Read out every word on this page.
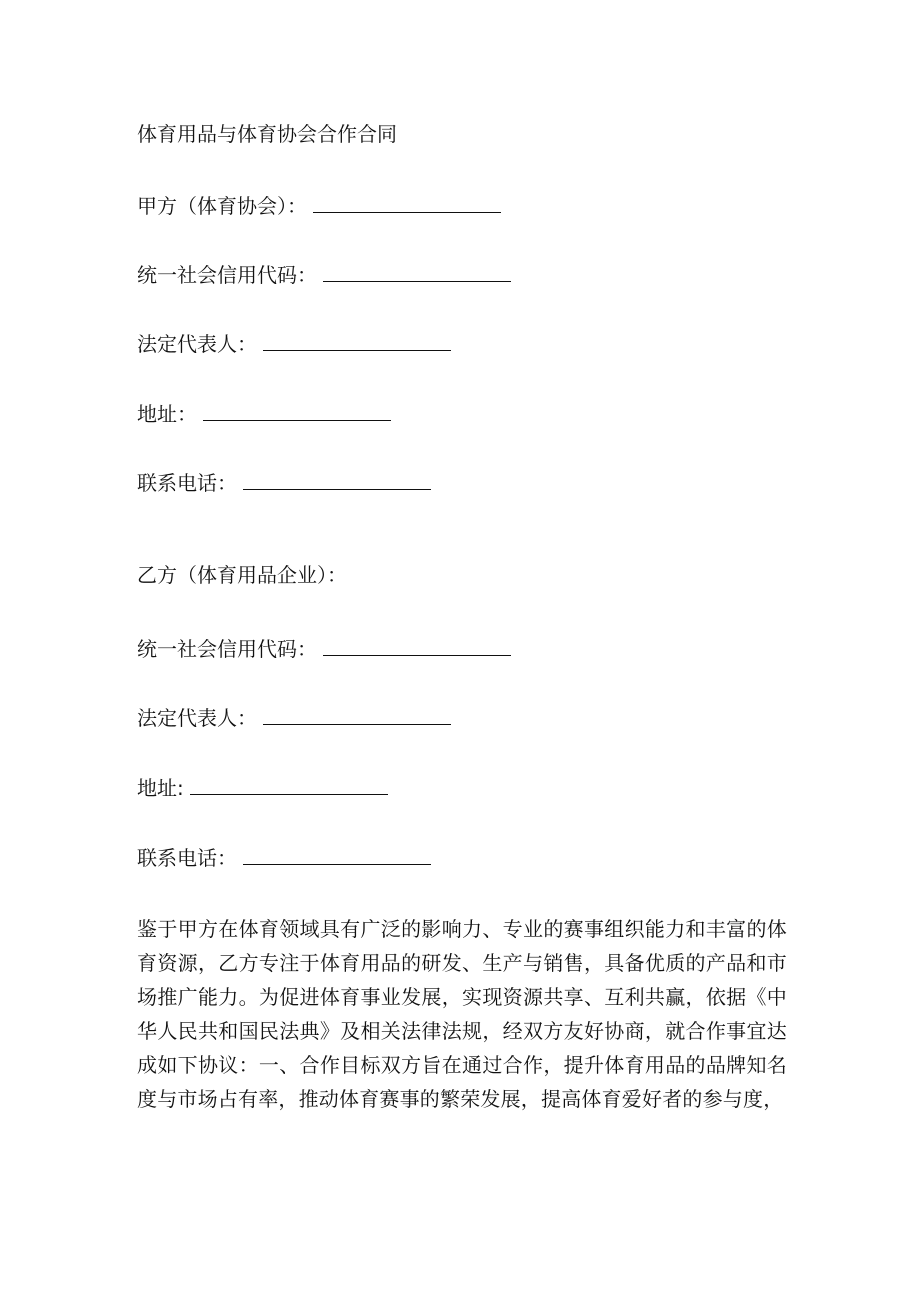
体育用品与体育协会合作合同
甲方（体育协会）：
统一社会信用代码：
法定代表人：
地址：
联系电话：
乙方（体育用品企业）：
统一社会信用代码：
法定代表人：
地址:
联系电话：
鉴于甲方在体育领域具有广泛的影响力、专业的赛事组织能力和丰富的体育资源，乙方专注于体育用品的研发、生产与销售，具备优质的产品和市场推广能力。为促进体育事业发展，实现资源共享、互利共赢，依据《中华人民共和国民法典》及相关法律法规，经双方友好协商，就合作事宜达成如下协议：一、合作目标双方旨在通过合作，提升体育用品的品牌知名度与市场占有率，推动体育赛事的繁荣发展，提高体育爱好者的参与度，
